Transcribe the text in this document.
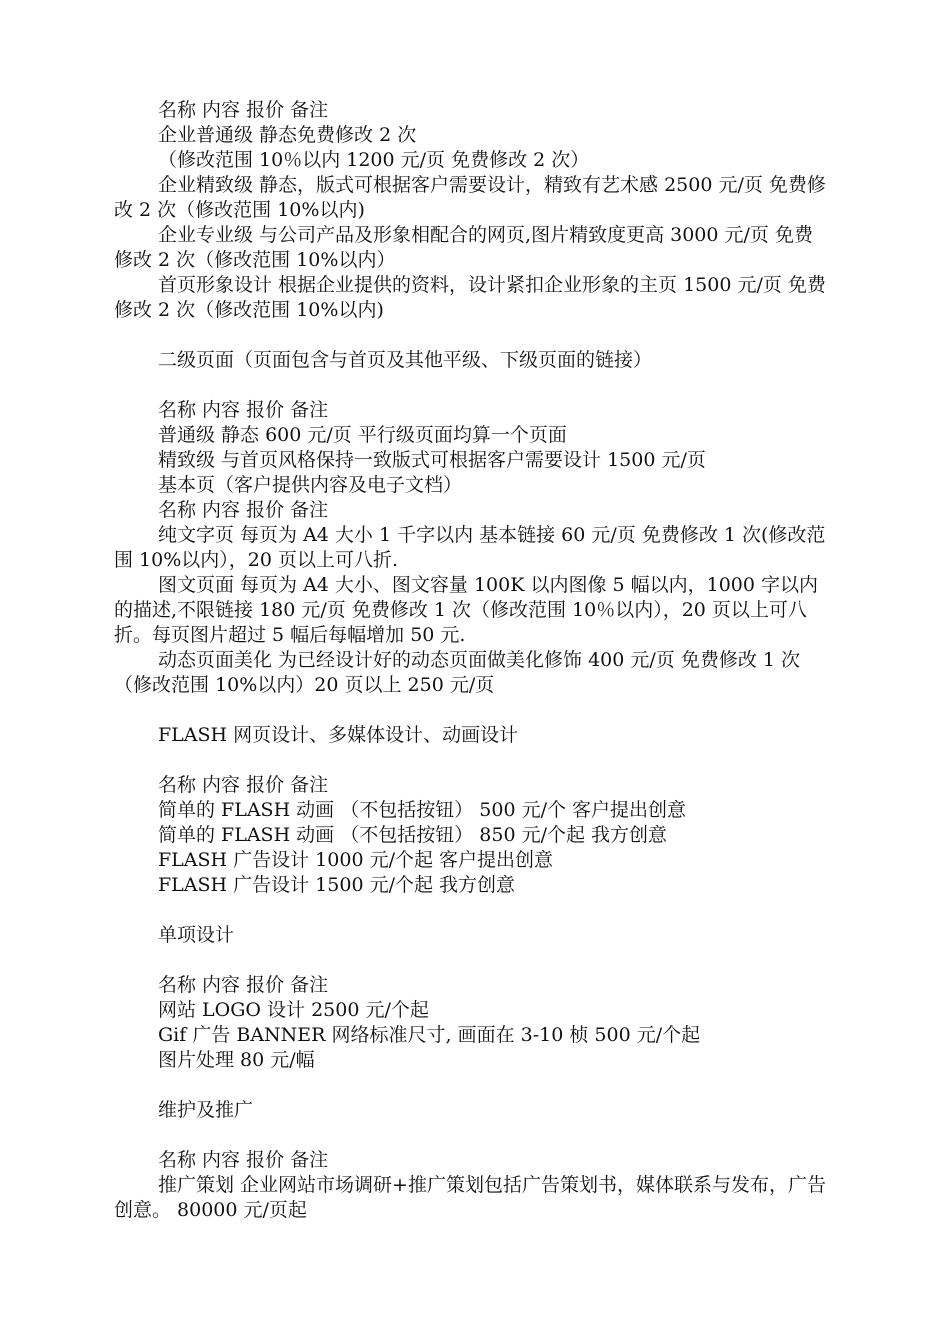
名称 内容 报价 备注

企业普通级 静态免费修改 2 次

（修改范围 10％以内 1200 元/页 免费修改 2 次）

企业精致级 静态，版式可根据客户需要设计，精致有艺术感 2500 元/页 免费修改 2 次（修改范围 10%以内)

企业专业级 与公司产品及形象相配合的网页,图片精致度更高 3000 元/页 免费修改 2 次（修改范围 10%以内）

首页形象设计 根据企业提供的资料，设计紧扣企业形象的主页 1500 元/页 免费修改 2 次（修改范围 10%以内)

二级页面（页面包含与首页及其他平级、下级页面的链接）

名称 内容 报价 备注

普通级 静态 600 元/页 平行级页面均算一个页面

精致级 与首页风格保持一致版式可根据客户需要设计 1500 元/页

基本页（客户提供内容及电子文档）

名称 内容 报价 备注

纯文字页 每页为 A4 大小 1 千字以内 基本链接 60 元/页 免费修改 1 次(修改范围 10%以内），20 页以上可八折.

图文页面 每页为 A4 大小、图文容量 100K 以内图像 5 幅以内，1000 字以内的描述,不限链接 180 元/页 免费修改 1 次（修改范围 10％以内），20 页以上可八折。每页图片超过 5 幅后每幅增加 50 元.

动态页面美化 为已经设计好的动态页面做美化修饰 400 元/页 免费修改 1 次（修改范围 10%以内）20 页以上 250 元/页

FLASH 网页设计、多媒体设计、动画设计

名称 内容 报价 备注

简单的 FLASH 动画 （不包括按钮） 500 元/个 客户提出创意

简单的 FLASH 动画 （不包括按钮） 850 元/个起 我方创意

FLASH 广告设计 1000 元/个起 客户提出创意

FLASH 广告设计 1500 元/个起 我方创意

单项设计

名称 内容 报价 备注

网站 LOGO 设计 2500 元/个起

Gif 广告 BANNER 网络标准尺寸, 画面在 3-10 桢 500 元/个起

图片处理 80 元/幅

维护及推广

名称 内容 报价 备注

推广策划 企业网站市场调研+推广策划包括广告策划书，媒体联系与发布，广告创意。 80000 元/页起
